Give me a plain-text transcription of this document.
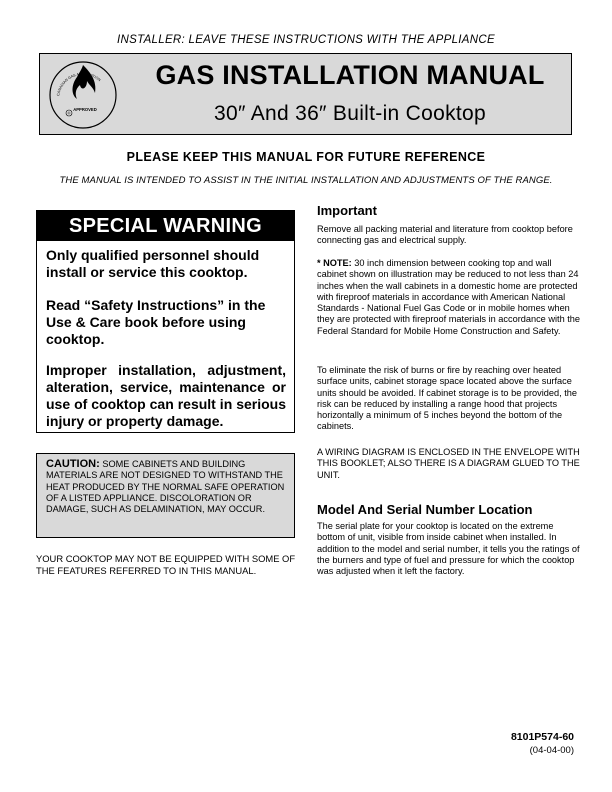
INSTALLER: LEAVE THESE INSTRUCTIONS WITH THE APPLIANCE
CANADIAN GAS ASSOCIATION
APPROVED
®
GAS INSTALLATION MANUAL
30″ And 36″ Built-in Cooktop
PLEASE KEEP THIS MANUAL FOR FUTURE REFERENCE
THE MANUAL IS INTENDED TO ASSIST IN THE INITIAL INSTALLATION AND ADJUSTMENTS OF THE RANGE.
SPECIAL WARNING
Only qualified personnel should install or service this cooktop.
Read “Safety Instructions” in the Use & Care book before using cooktop.
Improper installation, adjustment, alteration, service, maintenance or use of cooktop can result in serious injury or property damage.
CAUTION: SOME CABINETS AND BUILDING MATERIALS ARE NOT DESIGNED TO WITHSTAND THE HEAT PRODUCED BY THE NORMAL SAFE OPERATION OF A LISTED APPLIANCE. DISCOLORATION OR DAMAGE, SUCH AS DELAMINATION, MAY OCCUR.
YOUR COOKTOP MAY NOT BE EQUIPPED WITH SOME OF THE FEATURES REFERRED TO IN THIS MANUAL.
Important
Remove all packing material and literature from cooktop before connecting gas and electrical supply.
* NOTE: 30 inch dimension between cooking top and wall cabinet shown on illustration may be reduced to not less than 24 inches when the wall cabinets in a domestic home are protected with fireproof materials in accordance with American National Standards - National Fuel Gas Code or in mobile homes when they are protected with fireproof materials in accordance with the Federal Standard for Mobile Home Construction and Safety.
To eliminate the risk of burns or fire by reaching over heated surface units, cabinet storage space located above the surface units should be avoided. If cabinet storage is to be provided, the risk can be reduced by installing a range hood that projects horizontally a minimum of 5 inches beyond the bottom of the cabinets.
A WIRING DIAGRAM IS ENCLOSED IN THE ENVELOPE WITH THIS BOOKLET; ALSO THERE IS A DIAGRAM GLUED TO THE UNIT.
Model And Serial Number Location
The serial plate for your cooktop is located on the extreme bottom of unit, visible from inside cabinet when installed. In addition to the model and serial number, it tells you the ratings of the burners and type of fuel and pressure for which the cooktop was adjusted when it left the factory.
8101P574-60
(04-04-00)
